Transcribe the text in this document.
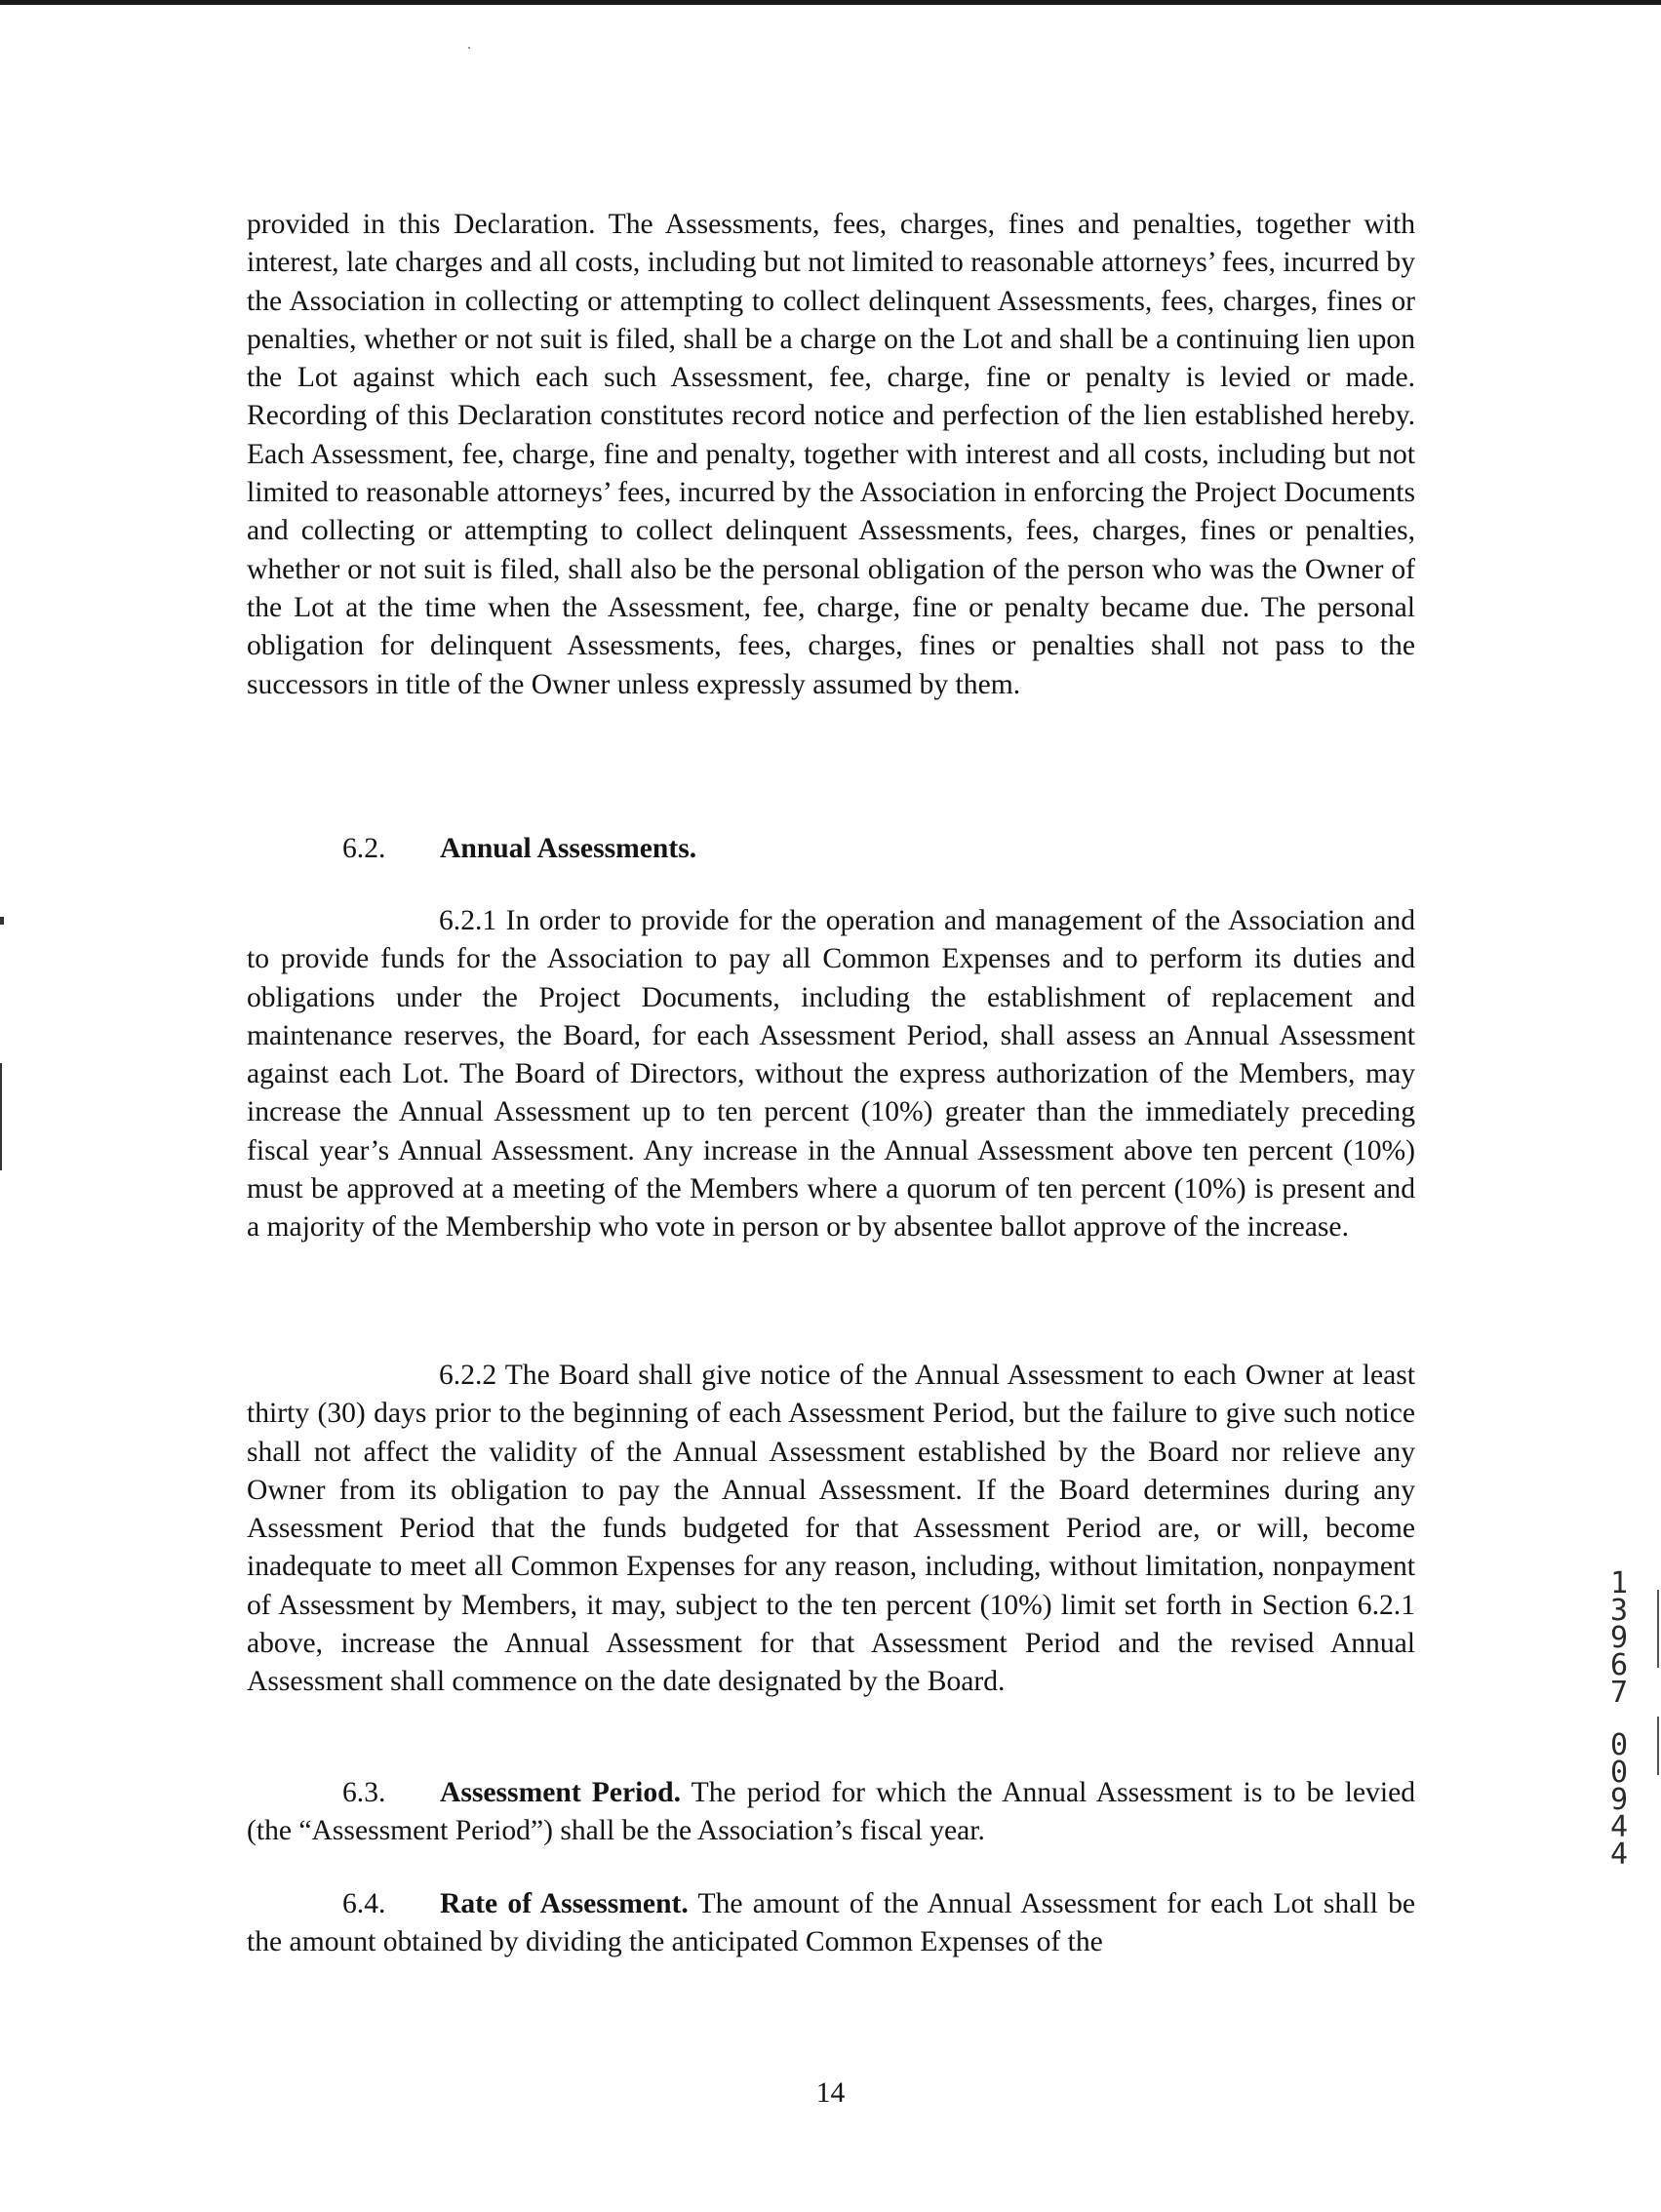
provided in this Declaration. The Assessments, fees, charges, fines and penalties, together with interest, late charges and all costs, including but not limited to reasonable attorneys’ fees, incurred by the Association in collecting or attempting to collect delinquent Assessments, fees, charges, fines or penalties, whether or not suit is filed, shall be a charge on the Lot and shall be a continuing lien upon the Lot against which each such Assessment, fee, charge, fine or penalty is levied or made. Recording of this Declaration constitutes record notice and perfection of the lien established hereby. Each Assessment, fee, charge, fine and penalty, together with interest and all costs, including but not limited to reasonable attorneys’ fees, incurred by the Association in enforcing the Project Documents and collecting or attempting to collect delinquent Assessments, fees, charges, fines or penalties, whether or not suit is filed, shall also be the personal obligation of the person who was the Owner of the Lot at the time when the Assessment, fee, charge, fine or penalty became due. The personal obligation for delinquent Assessments, fees, charges, fines or penalties shall not pass to the successors in title of the Owner unless expressly assumed by them.

6.2. Annual Assessments.

6.2.1 In order to provide for the operation and management of the Association and to provide funds for the Association to pay all Common Expenses and to perform its duties and obligations under the Project Documents, including the establishment of replacement and maintenance reserves, the Board, for each Assessment Period, shall assess an Annual Assessment against each Lot. The Board of Directors, without the express authorization of the Members, may increase the Annual Assessment up to ten percent (10%) greater than the immediately preceding fiscal year’s Annual Assessment. Any increase in the Annual Assessment above ten percent (10%) must be approved at a meeting of the Members where a quorum of ten percent (10%) is present and a majority of the Membership who vote in person or by absentee ballot approve of the increase.

6.2.2 The Board shall give notice of the Annual Assessment to each Owner at least thirty (30) days prior to the beginning of each Assessment Period, but the failure to give such notice shall not affect the validity of the Annual Assessment established by the Board nor relieve any Owner from its obligation to pay the Annual Assessment. If the Board determines during any Assessment Period that the funds budgeted for that Assessment Period are, or will, become inadequate to meet all Common Expenses for any reason, including, without limitation, nonpayment of Assessment by Members, it may, subject to the ten percent (10%) limit set forth in Section 6.2.1 above, increase the Annual Assessment for that Assessment Period and the revised Annual Assessment shall commence on the date designated by the Board.

6.3. Assessment Period. The period for which the Annual Assessment is to be levied (the “Assessment Period”) shall be the Association’s fiscal year.

6.4. Rate of Assessment. The amount of the Annual Assessment for each Lot shall be the amount obtained by dividing the anticipated Common Expenses of the

14
1
3
9
6
7
0
0
9
4
4
